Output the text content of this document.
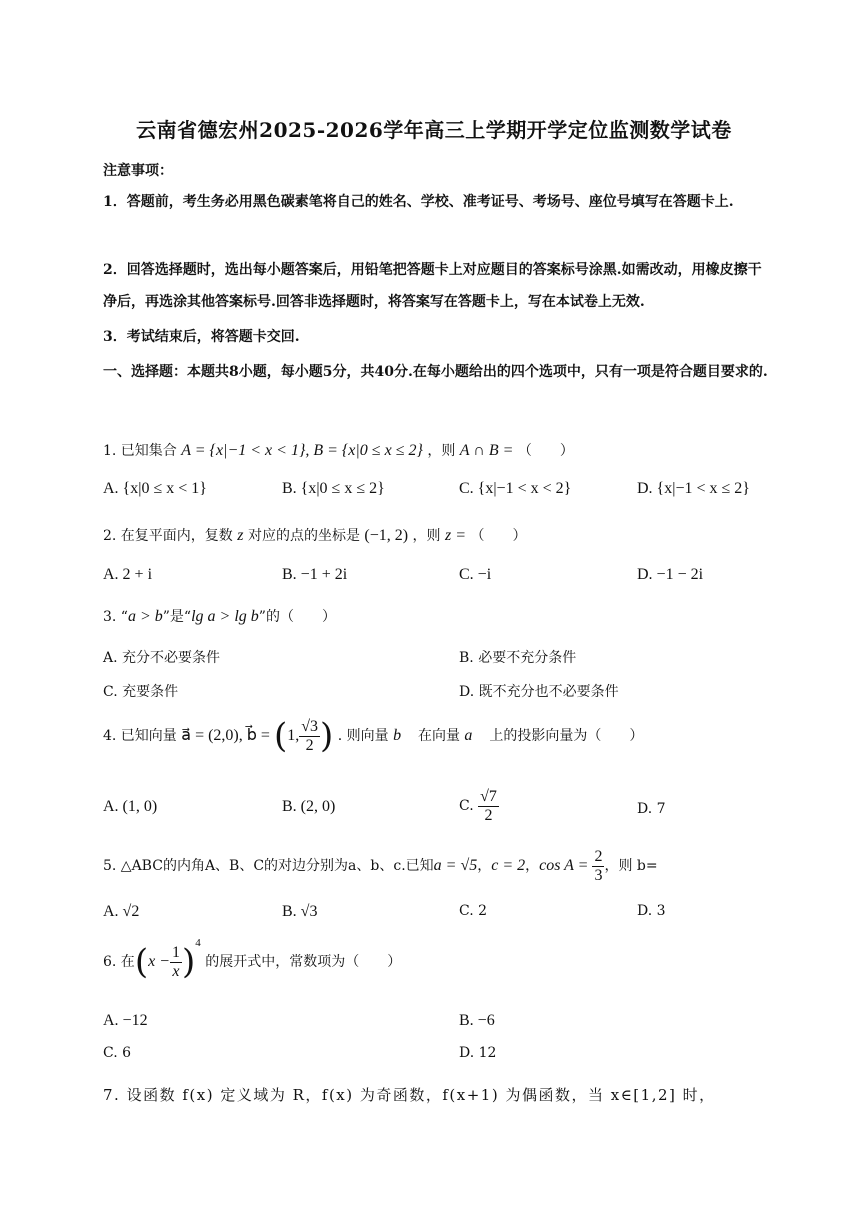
云南省德宏州2025-2026学年高三上学期开学定位监测数学试卷
注意事项：
1．答题前，考生务必用黑色碳素笔将自己的姓名、学校、准考证号、考场号、座位号填写在答题卡上.
2．回答选择题时，选出每小题答案后，用铅笔把答题卡上对应题目的答案标号涂黑.如需改动，用橡皮擦干净后，再选涂其他答案标号.回答非选择题时，将答案写在答题卡上，写在本试卷上无效.
3．考试结束后，将答题卡交回.
一、选择题：本题共8小题，每小题5分，共40分.在每小题给出的四个选项中，只有一项是符合题目要求的.
1. 已知集合 A = {x|−1 < x < 1}, B = {x|0 ≤ x ≤ 2} ，则 A ∩ B = （　　）
A. {x|0 ≤ x < 1}	B. {x|0 ≤ x ≤ 2}	C. {x|−1 < x < 2}	D. {x|−1 < x ≤ 2}
2. 在复平面内，复数 z 对应的点的坐标是 (−1, 2) ，则 z = （　　）
A. 2 + i	B. −1 + 2i	C. −i	D. −1 − 2i
3. “a > b”是“lg a > lg b”的（　　）
A. 充分不必要条件	B. 必要不充分条件
C. 充要条件	D. 既不充分也不必要条件
4. 已知向量 a⃗ = (2,0), b⃗ = (1, $\frac{√3}{2}$ ) . 则向量 b⃗ 在向量 a⃗ 上的投影向量为（　　）
A. (1, 0)	B. (2, 0)	C. $\frac{√7}{2}$	D. 7
5. △ABC的内角A、B、C的对边分别为a、b、c.已知a = √5，c = 2，$\cos A = \frac{2}{3}$ ，则 b=
A. √2	B. √3	C. 2	D. 3
6. 在$(x - \frac{1}{x} )^4$ 的展开式中，常数项为（　　）
A. −12	B. −6
C. 6	D. 12
7. 设函数 f(x) 定义域为 R，f(x) 为奇函数，f(x+1) 为偶函数，当 x∈[1,2] 时，
